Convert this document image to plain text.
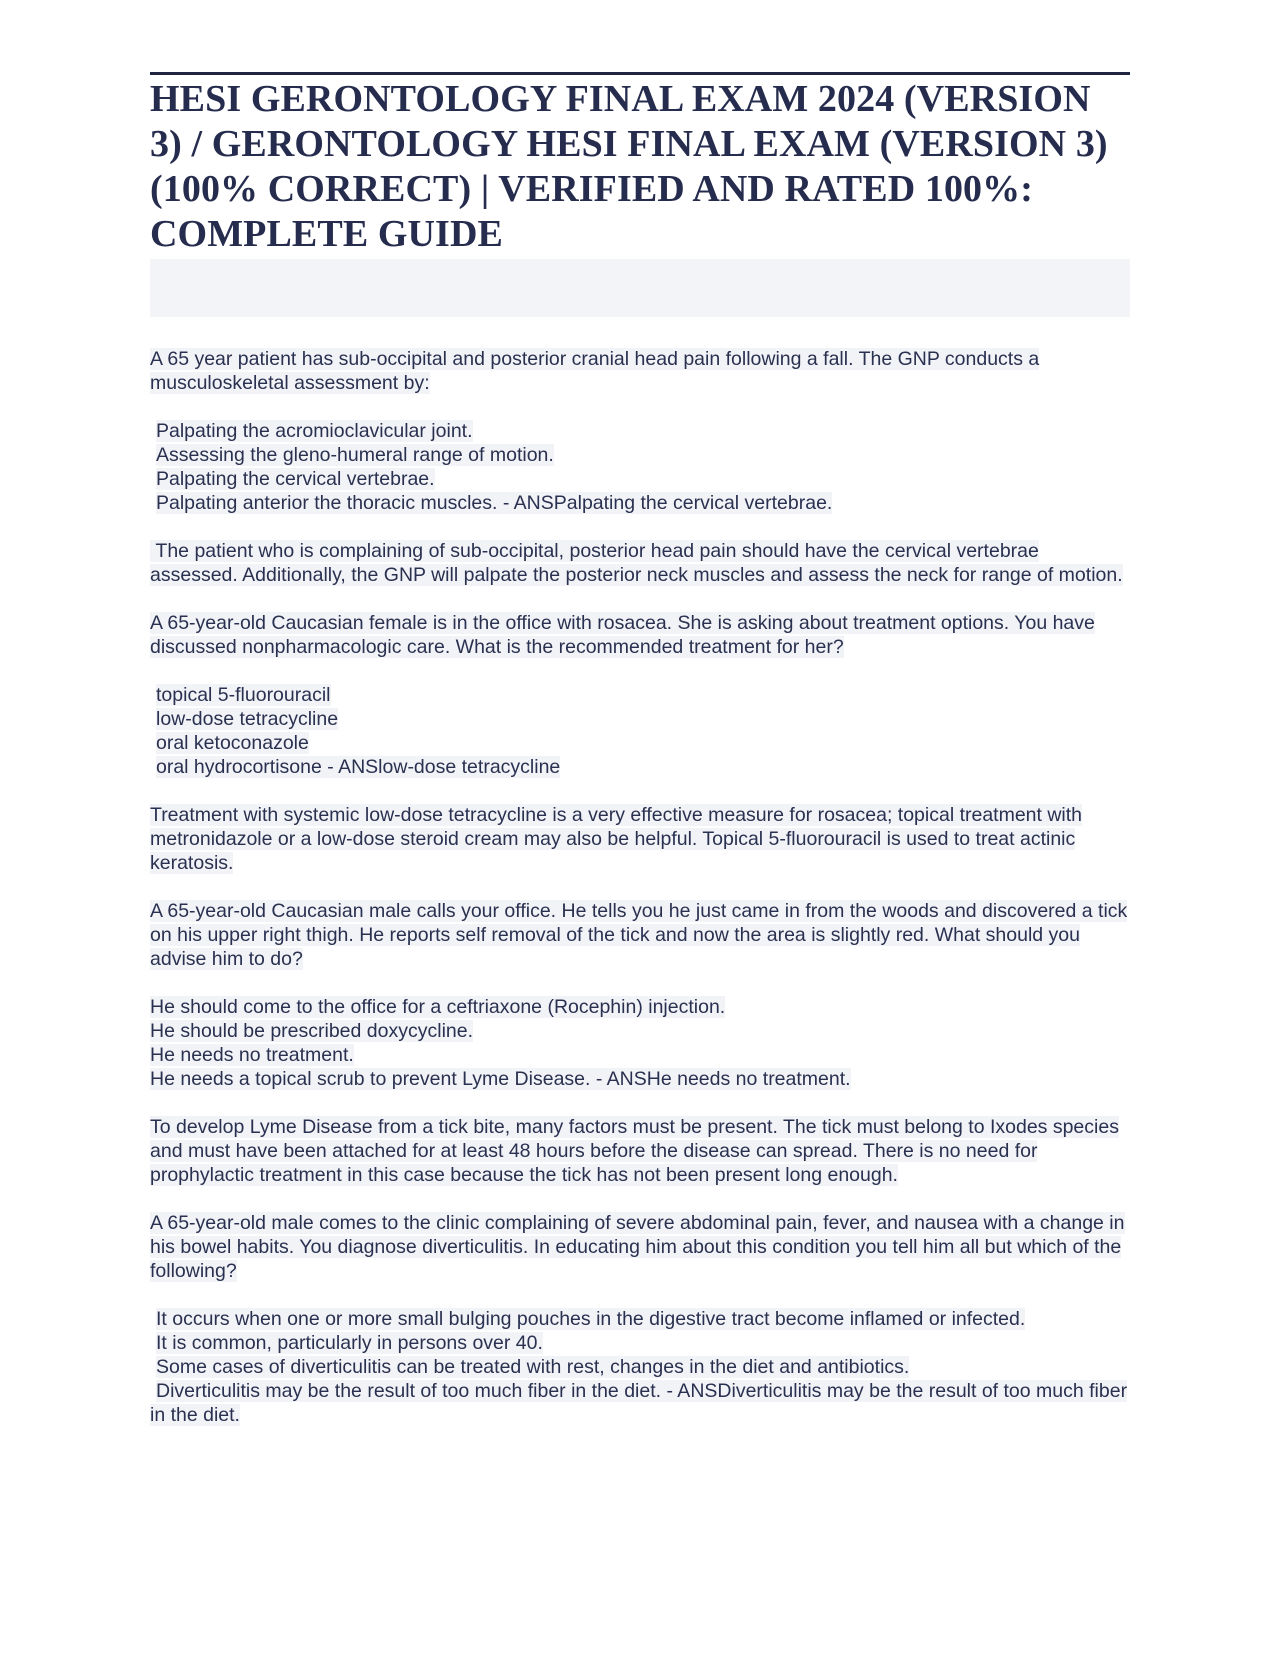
HESI GERONTOLOGY FINAL EXAM 2024 (VERSION 3) / GERONTOLOGY HESI FINAL EXAM (VERSION 3) (100% CORRECT) | VERIFIED AND RATED 100%: COMPLETE GUIDE
A 65 year patient has sub-occipital and posterior cranial head pain following a fall. The GNP conducts a musculoskeletal assessment by:
Palpating the acromioclavicular joint.
Assessing the gleno-humeral range of motion.
Palpating the cervical vertebrae.
Palpating anterior the thoracic muscles. - ANSPalpating the cervical vertebrae.
The patient who is complaining of sub-occipital, posterior head pain should have the cervical vertebrae assessed. Additionally, the GNP will palpate the posterior neck muscles and assess the neck for range of motion.
A 65-year-old Caucasian female is in the office with rosacea. She is asking about treatment options. You have discussed nonpharmacologic care. What is the recommended treatment for her?
topical 5-fluorouracil
low-dose tetracycline
oral ketoconazole
oral hydrocortisone - ANSlow-dose tetracycline
Treatment with systemic low-dose tetracycline is a very effective measure for rosacea; topical treatment with metronidazole or a low-dose steroid cream may also be helpful. Topical 5-fluorouracil is used to treat actinic keratosis.
A 65-year-old Caucasian male calls your office. He tells you he just came in from the woods and discovered a tick on his upper right thigh. He reports self removal of the tick and now the area is slightly red. What should you advise him to do?
He should come to the office for a ceftriaxone (Rocephin) injection.
He should be prescribed doxycycline.
He needs no treatment.
He needs a topical scrub to prevent Lyme Disease. - ANSHe needs no treatment.
To develop Lyme Disease from a tick bite, many factors must be present. The tick must belong to Ixodes species and must have been attached for at least 48 hours before the disease can spread. There is no need for prophylactic treatment in this case because the tick has not been present long enough.
A 65-year-old male comes to the clinic complaining of severe abdominal pain, fever, and nausea with a change in his bowel habits. You diagnose diverticulitis. In educating him about this condition you tell him all but which of the following?
It occurs when one or more small bulging pouches in the digestive tract become inflamed or infected.
It is common, particularly in persons over 40.
Some cases of diverticulitis can be treated with rest, changes in the diet and antibiotics.
Diverticulitis may be the result of too much fiber in the diet. - ANSDiverticulitis may be the result of too much fiber in the diet.
